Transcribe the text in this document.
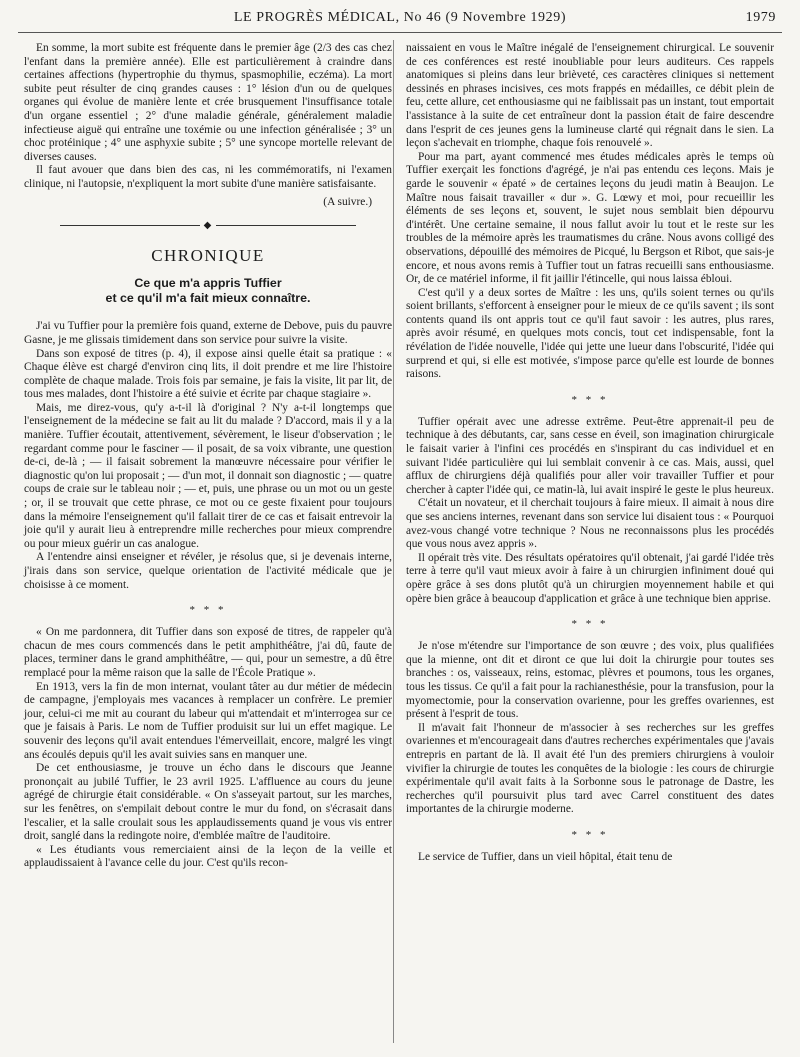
LE PROGRÈS MÉDICAL, No 46 (9 Novembre 1929)	1979

En somme, la mort subite est fréquente dans le premier âge (2/3 des cas chez l'enfant dans la première année). Elle est particulièrement à craindre dans certaines affections (hypertrophie du thymus, spasmophilie, eczéma). La mort subite peut résulter de cinq grandes causes : 1° lésion d'un ou de quelques organes qui évolue de manière lente et crée brusquement l'insuffisance totale d'un organe essentiel ; 2° d'une maladie générale, généralement maladie infectieuse aiguë qui entraîne une toxémie ou une infection généralisée ; 3° un choc protéinique ; 4° une asphyxie subite ; 5° une syncope mortelle relevant de diverses causes.

Il faut avouer que dans bien des cas, ni les commémoratifs, ni l'examen clinique, ni l'autopsie, n'expliquent la mort subite d'une manière satisfaisante.

(A suivre.)

◆
CHRONIQUE
Ce que m'a appris Tuffier
et ce qu'il m'a fait mieux connaître.

J'ai vu Tuffier pour la première fois quand, externe de Debove, puis du pauvre Gasne, je me glissais timidement dans son service pour suivre la visite.

Dans son exposé de titres (p. 4), il expose ainsi quelle était sa pratique : « Chaque élève est chargé d'environ cinq lits, il doit prendre et me lire l'histoire complète de chaque malade. Trois fois par semaine, je fais la visite, lit par lit, de tous mes malades, dont l'histoire a été suivie et écrite par chaque stagiaire ».

Mais, me direz-vous, qu'y a-t-il là d'original ? N'y a-t-il longtemps que l'enseignement de la médecine se fait au lit du malade ? D'accord, mais il y a la manière. Tuffier écoutait, attentivement, sévèrement, le liseur d'observation ; le regardant comme pour le fasciner — il posait, de sa voix vibrante, une question de-ci, de-là ; — il faisait sobrement la manœuvre nécessaire pour vérifier le diagnostic qu'on lui proposait ; — d'un mot, il donnait son diagnostic ; — quatre coups de craie sur le tableau noir ; — et, puis, une phrase ou un mot ou un geste ; or, il se trouvait que cette phrase, ce mot ou ce geste fixaient pour toujours dans la mémoire l'enseignement qu'il fallait tirer de ce cas et faisait entrevoir la joie qu'il y aurait lieu à entreprendre mille recherches pour mieux comprendre ou pour mieux guérir un cas analogue.

A l'entendre ainsi enseigner et révéler, je résolus que, si je devenais interne, j'irais dans son service, quelque orientation de l'activité médicale que je choisisse à ce moment.

* * *

« On me pardonnera, dit Tuffier dans son exposé de titres, de rappeler qu'à chacun de mes cours commencés dans le petit amphithéâtre, j'ai dû, faute de places, terminer dans le grand amphithéâtre, — qui, pour un semestre, a dû être remplacé pour la même raison que la salle de l'École Pratique ».

En 1913, vers la fin de mon internat, voulant tâter au dur métier de médecin de campagne, j'employais mes vacances à remplacer un confrère. Le premier jour, celui-ci me mit au courant du labeur qui m'attendait et m'interrogea sur ce que je faisais à Paris. Le nom de Tuffier produisit sur lui un effet magique. Le souvenir des leçons qu'il avait entendues l'émerveillait, encore, malgré les vingt ans écoulés depuis qu'il les avait suivies sans en manquer une.

De cet enthousiasme, je trouve un écho dans le discours que Jeanne prononçait au jubilé Tuffier, le 23 avril 1925. L'affluence au cours du jeune agrégé de chirurgie était considérable. « On s'asseyait partout, sur les marches, sur les fenêtres, on s'empilait debout contre le mur du fond, on s'écrasait dans l'escalier, et la salle croulait sous les applaudissements quand je vous vis entrer droit, sanglé dans la redingote noire, d'emblée maître de l'auditoire.

« Les étudiants vous remerciaient ainsi de la leçon de la veille et applaudissaient à l'avance celle du jour. C'est qu'ils recon-

naissaient en vous le Maître inégalé de l'enseignement chirurgical. Le souvenir de ces conférences est resté inoubliable pour leurs auditeurs. Ces rappels anatomiques si pleins dans leur brièveté, ces caractères cliniques si nettement dessinés en phrases incisives, ces mots frappés en médailles, ce débit plein de feu, cette allure, cet enthousiasme qui ne faiblissait pas un instant, tout emportait l'assistance à la suite de cet entraîneur dont la passion était de faire descendre dans l'esprit de ces jeunes gens la lumineuse clarté qui régnait dans le sien. La leçon s'achevait en triomphe, chaque fois renouvelé ».

Pour ma part, ayant commencé mes études médicales après le temps où Tuffier exerçait les fonctions d'agrégé, je n'ai pas entendu ces leçons. Mais je garde le souvenir « épaté » de certaines leçons du jeudi matin à Beaujon. Le Maître nous faisait travailler « dur ». G. Lœwy et moi, pour recueillir les éléments de ses leçons et, souvent, le sujet nous semblait bien dépourvu d'intérêt. Une certaine semaine, il nous fallut avoir lu tout et le reste sur les troubles de la mémoire après les traumatismes du crâne. Nous avons colligé des observations, dépouillé des mémoires de Picqué, lu Bergson et Ribot, que sais-je encore, et nous avons remis à Tuffier tout un fatras recueilli sans enthousiasme. Or, de ce matériel informe, il fit jaillir l'étincelle, qui nous laissa ébloui.

C'est qu'il y a deux sortes de Maître : les uns, qu'ils soient ternes ou qu'ils soient brillants, s'efforcent à enseigner pour le mieux de ce qu'ils savent ; ils sont contents quand ils ont appris tout ce qu'il faut savoir : les autres, plus rares, après avoir résumé, en quelques mots concis, tout cet indispensable, font la révélation de l'idée nouvelle, l'idée qui jette une lueur dans l'obscurité, l'idée qui surprend et qui, si elle est motivée, s'impose parce qu'elle est lourde de bonnes raisons.

* * *

Tuffier opérait avec une adresse extrême. Peut-être apprenait-il peu de technique à des débutants, car, sans cesse en éveil, son imagination chirurgicale le faisait varier à l'infini ces procédés en s'inspirant du cas individuel et en suivant l'idée particulière qui lui semblait convenir à ce cas. Mais, aussi, quel afflux de chirurgiens déjà qualifiés pour aller voir travailler Tuffier et pour chercher à capter l'idée qui, ce matin-là, lui avait inspiré le geste le plus heureux.

C'était un novateur, et il cherchait toujours à faire mieux. Il aimait à nous dire que ses anciens internes, revenant dans son service lui disaient tous : « Pourquoi avez-vous changé votre technique ? Nous ne reconnaissons plus les procédés que vous nous avez appris ».

Il opérait très vite. Des résultats opératoires qu'il obtenait, j'ai gardé l'idée très terre à terre qu'il vaut mieux avoir à faire à un chirurgien infiniment doué qui opère grâce à ses dons plutôt qu'à un chirurgien moyennement habile et qui opère bien grâce à beaucoup d'application et grâce à une technique bien apprise.

* * *

Je n'ose m'étendre sur l'importance de son œuvre ; des voix, plus qualifiées que la mienne, ont dit et diront ce que lui doit la chirurgie pour toutes ses branches : os, vaisseaux, reins, estomac, plèvres et poumons, tous les organes, tous les tissus. Ce qu'il a fait pour la rachianesthésie, pour la transfusion, pour la myomectomie, pour la conservation ovarienne, pour les greffes ovariennes, est présent à l'esprit de tous.

Il m'avait fait l'honneur de m'associer à ses recherches sur les greffes ovariennes et m'encourageait dans d'autres recherches expérimentales que j'avais entrepris en partant de là. Il avait été l'un des premiers chirurgiens à vouloir vivifier la chirurgie de toutes les conquêtes de la biologie : les cours de chirurgie expérimentale qu'il avait faits à la Sorbonne sous le patronage de Dastre, les recherches qu'il poursuivit plus tard avec Carrel constituent des dates importantes de la chirurgie moderne.

* * *

Le service de Tuffier, dans un vieil hôpital, était tenu de
